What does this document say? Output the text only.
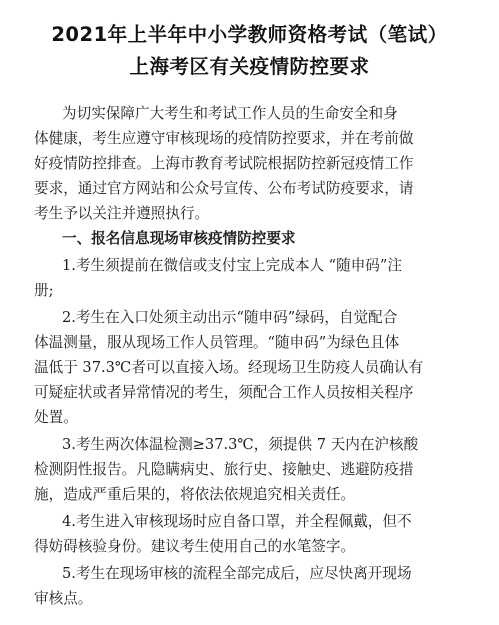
2021年上半年中小学教师资格考试（笔试）
上海考区有关疫情防控要求
为切实保障广大考生和考试工作人员的生命安全和身
体健康，考生应遵守审核现场的疫情防控要求，并在考前做
好疫情防控排查。上海市教育考试院根据防控新冠疫情工作
要求，通过官方网站和公众号宣传、公布考试防疫要求，请
考生予以关注并遵照执行。
一、报名信息现场审核疫情防控要求
1.考生须提前在微信或支付宝上完成本人 “随申码”注
册;
2.考生在入口处须主动出示“随申码”绿码，自觉配合
体温测量，服从现场工作人员管理。“随申码”为绿色且体
温低于 37.3℃者可以直接入场。经现场卫生防疫人员确认有
可疑症状或者异常情况的考生，须配合工作人员按相关程序
处置。
3.考生两次体温检测≥37.3℃，须提供 7 天内在沪核酸
检测阴性报告。凡隐瞒病史、旅行史、接触史、逃避防疫措
施，造成严重后果的，将依法依规追究相关责任。
4.考生进入审核现场时应自备口罩，并全程佩戴，但不
得妨碍核验身份。建议考生使用自己的水笔签字。
5.考生在现场审核的流程全部完成后，应尽快离开现场
审核点。
